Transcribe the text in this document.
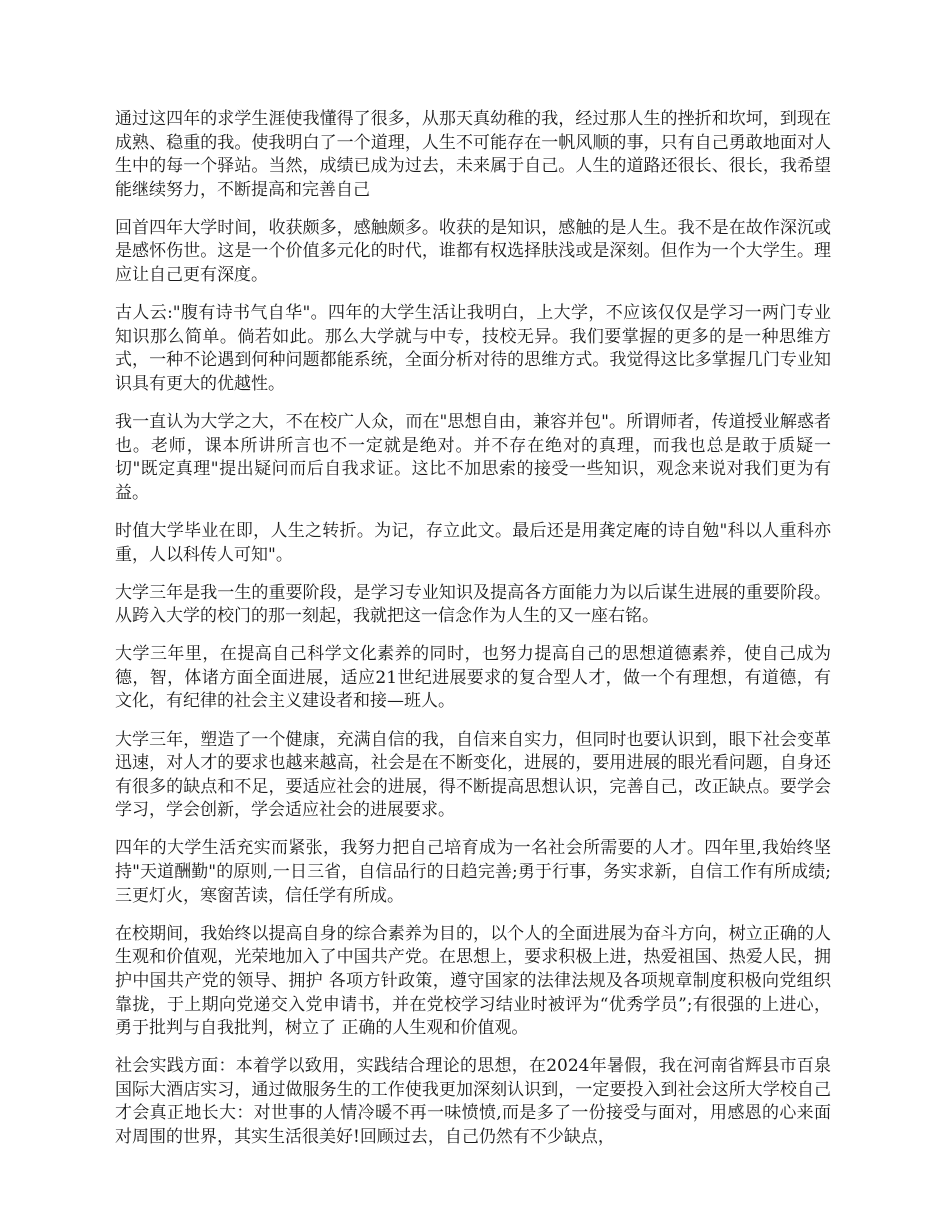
通过这四年的求学生涯使我懂得了很多，从那天真幼稚的我，经过那人生的挫折和坎坷，到现在成熟、稳重的我。使我明白了一个道理，人生不可能存在一帆风顺的事，只有自己勇敢地面对人生中的每一个驿站。当然，成绩已成为过去，未来属于自己。人生的道路还很长、很长，我希望能继续努力，不断提高和完善自己

回首四年大学时间，收获颇多，感触颇多。收获的是知识，感触的是人生。我不是在故作深沉或是感怀伤世。这是一个价值多元化的时代，谁都有权选择肤浅或是深刻。但作为一个大学生。理应让自己更有深度。

古人云:"腹有诗书气自华"。四年的大学生活让我明白，上大学，不应该仅仅是学习一两门专业知识那么简单。倘若如此。那么大学就与中专，技校无异。我们要掌握的更多的是一种思维方式，一种不论遇到何种问题都能系统，全面分析对待的思维方式。我觉得这比多掌握几门专业知识具有更大的优越性。

我一直认为大学之大，不在校广人众，而在"思想自由，兼容并包"。所谓师者，传道授业解惑者也。老师，课本所讲所言也不一定就是绝对。并不存在绝对的真理，而我也总是敢于质疑一切"既定真理"提出疑问而后自我求证。这比不加思索的接受一些知识，观念来说对我们更为有益。

时值大学毕业在即，人生之转折。为记，存立此文。最后还是用龚定庵的诗自勉"科以人重科亦重，人以科传人可知"。

大学三年是我一生的重要阶段，是学习专业知识及提高各方面能力为以后谋生进展的重要阶段。从跨入大学的校门的那一刻起，我就把这一信念作为人生的又一座右铭。

大学三年里，在提高自己科学文化素养的同时，也努力提高自己的思想道德素养，使自己成为德，智，体诸方面全面进展，适应21世纪进展要求的复合型人才，做一个有理想，有道德，有文化，有纪律的社会主义建设者和接—班人。

大学三年，塑造了一个健康，充满自信的我，自信来自实力，但同时也要认识到，眼下社会变革迅速，对人才的要求也越来越高，社会是在不断变化，进展的，要用进展的眼光看问题，自身还有很多的缺点和不足，要适应社会的进展，得不断提高思想认识，完善自己，改正缺点。要学会学习，学会创新，学会适应社会的进展要求。

四年的大学生活充实而紧张，我努力把自己培育成为一名社会所需要的人才。四年里,我始终坚持"天道酬勤"的原则,一日三省，自信品行的日趋完善;勇于行事，务实求新，自信工作有所成绩;三更灯火，寒窗苦读，信任学有所成。

在校期间，我始终以提高自身的综合素养为目的，以个人的全面进展为奋斗方向，树立正确的人生观和价值观，光荣地加入了中国共产党。在思想上，要求积极上进，热爱祖国、热爱人民，拥护中国共产党的领导、拥护 各项方针政策，遵守国家的法律法规及各项规章制度积极向党组织靠拢，于上期向党递交入党申请书，并在党校学习结业时被评为“优秀学员”;有很强的上进心，勇于批判与自我批判，树立了 正确的人生观和价值观。

社会实践方面：本着学以致用，实践结合理论的思想，在2024年暑假，我在河南省辉县市百泉国际大酒店实习，通过做服务生的工作使我更加深刻认识到，一定要投入到社会这所大学校自己才会真正地长大：对世事的人情冷暖不再一味愤愤,而是多了一份接受与面对，用感恩的心来面对周围的世界，其实生活很美好!回顾过去，自己仍然有不少缺点，
